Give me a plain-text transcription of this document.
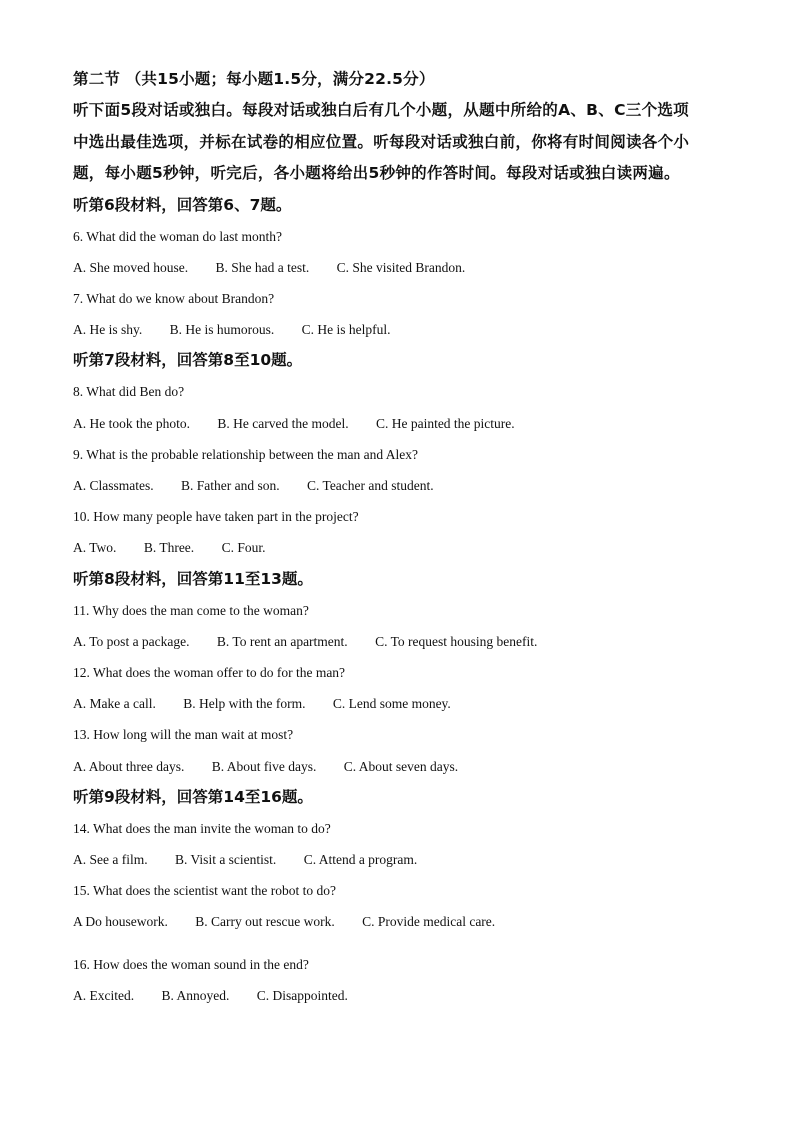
第二节 （共15小题；每小题1.5分，满分22.5分）

听下面5段对话或独白。每段对话或独白后有几个小题，从题中所给的A、B、C三个选项

中选出最佳选项，并标在试卷的相应位置。听每段对话或独白前，你将有时间阅读各个小

题，每小题5秒钟，听完后，各小题将给出5秒钟的作答时间。每段对话或独白读两遍。

听第6段材料，回答第6、7题。

6. What did the woman do last month?

A. She moved house. B. She had a test. C. She visited Brandon.

7. What do we know about Brandon?

A. He is shy. B. He is humorous. C. He is helpful.

听第7段材料，回答第8至10题。

8. What did Ben do?

A. He took the photo. B. He carved the model. C. He painted the picture.

9. What is the probable relationship between the man and Alex?

A. Classmates. B. Father and son. C. Teacher and student.

10. How many people have taken part in the project?

A. Two. B. Three. C. Four.

听第8段材料，回答第11至13题。

11. Why does the man come to the woman?

A. To post a package. B. To rent an apartment. C. To request housing benefit.

12. What does the woman offer to do for the man?

A. Make a call. B. Help with the form. C. Lend some money.

13. How long will the man wait at most?

A. About three days. B. About five days. C. About seven days.

听第9段材料，回答第14至16题。

14. What does the man invite the woman to do?

A. See a film. B. Visit a scientist. C. Attend a program.

15. What does the scientist want the robot to do?

A Do housework. B. Carry out rescue work. C. Provide medical care.

16. How does the woman sound in the end?

A. Excited. B. Annoyed. C. Disappointed.
